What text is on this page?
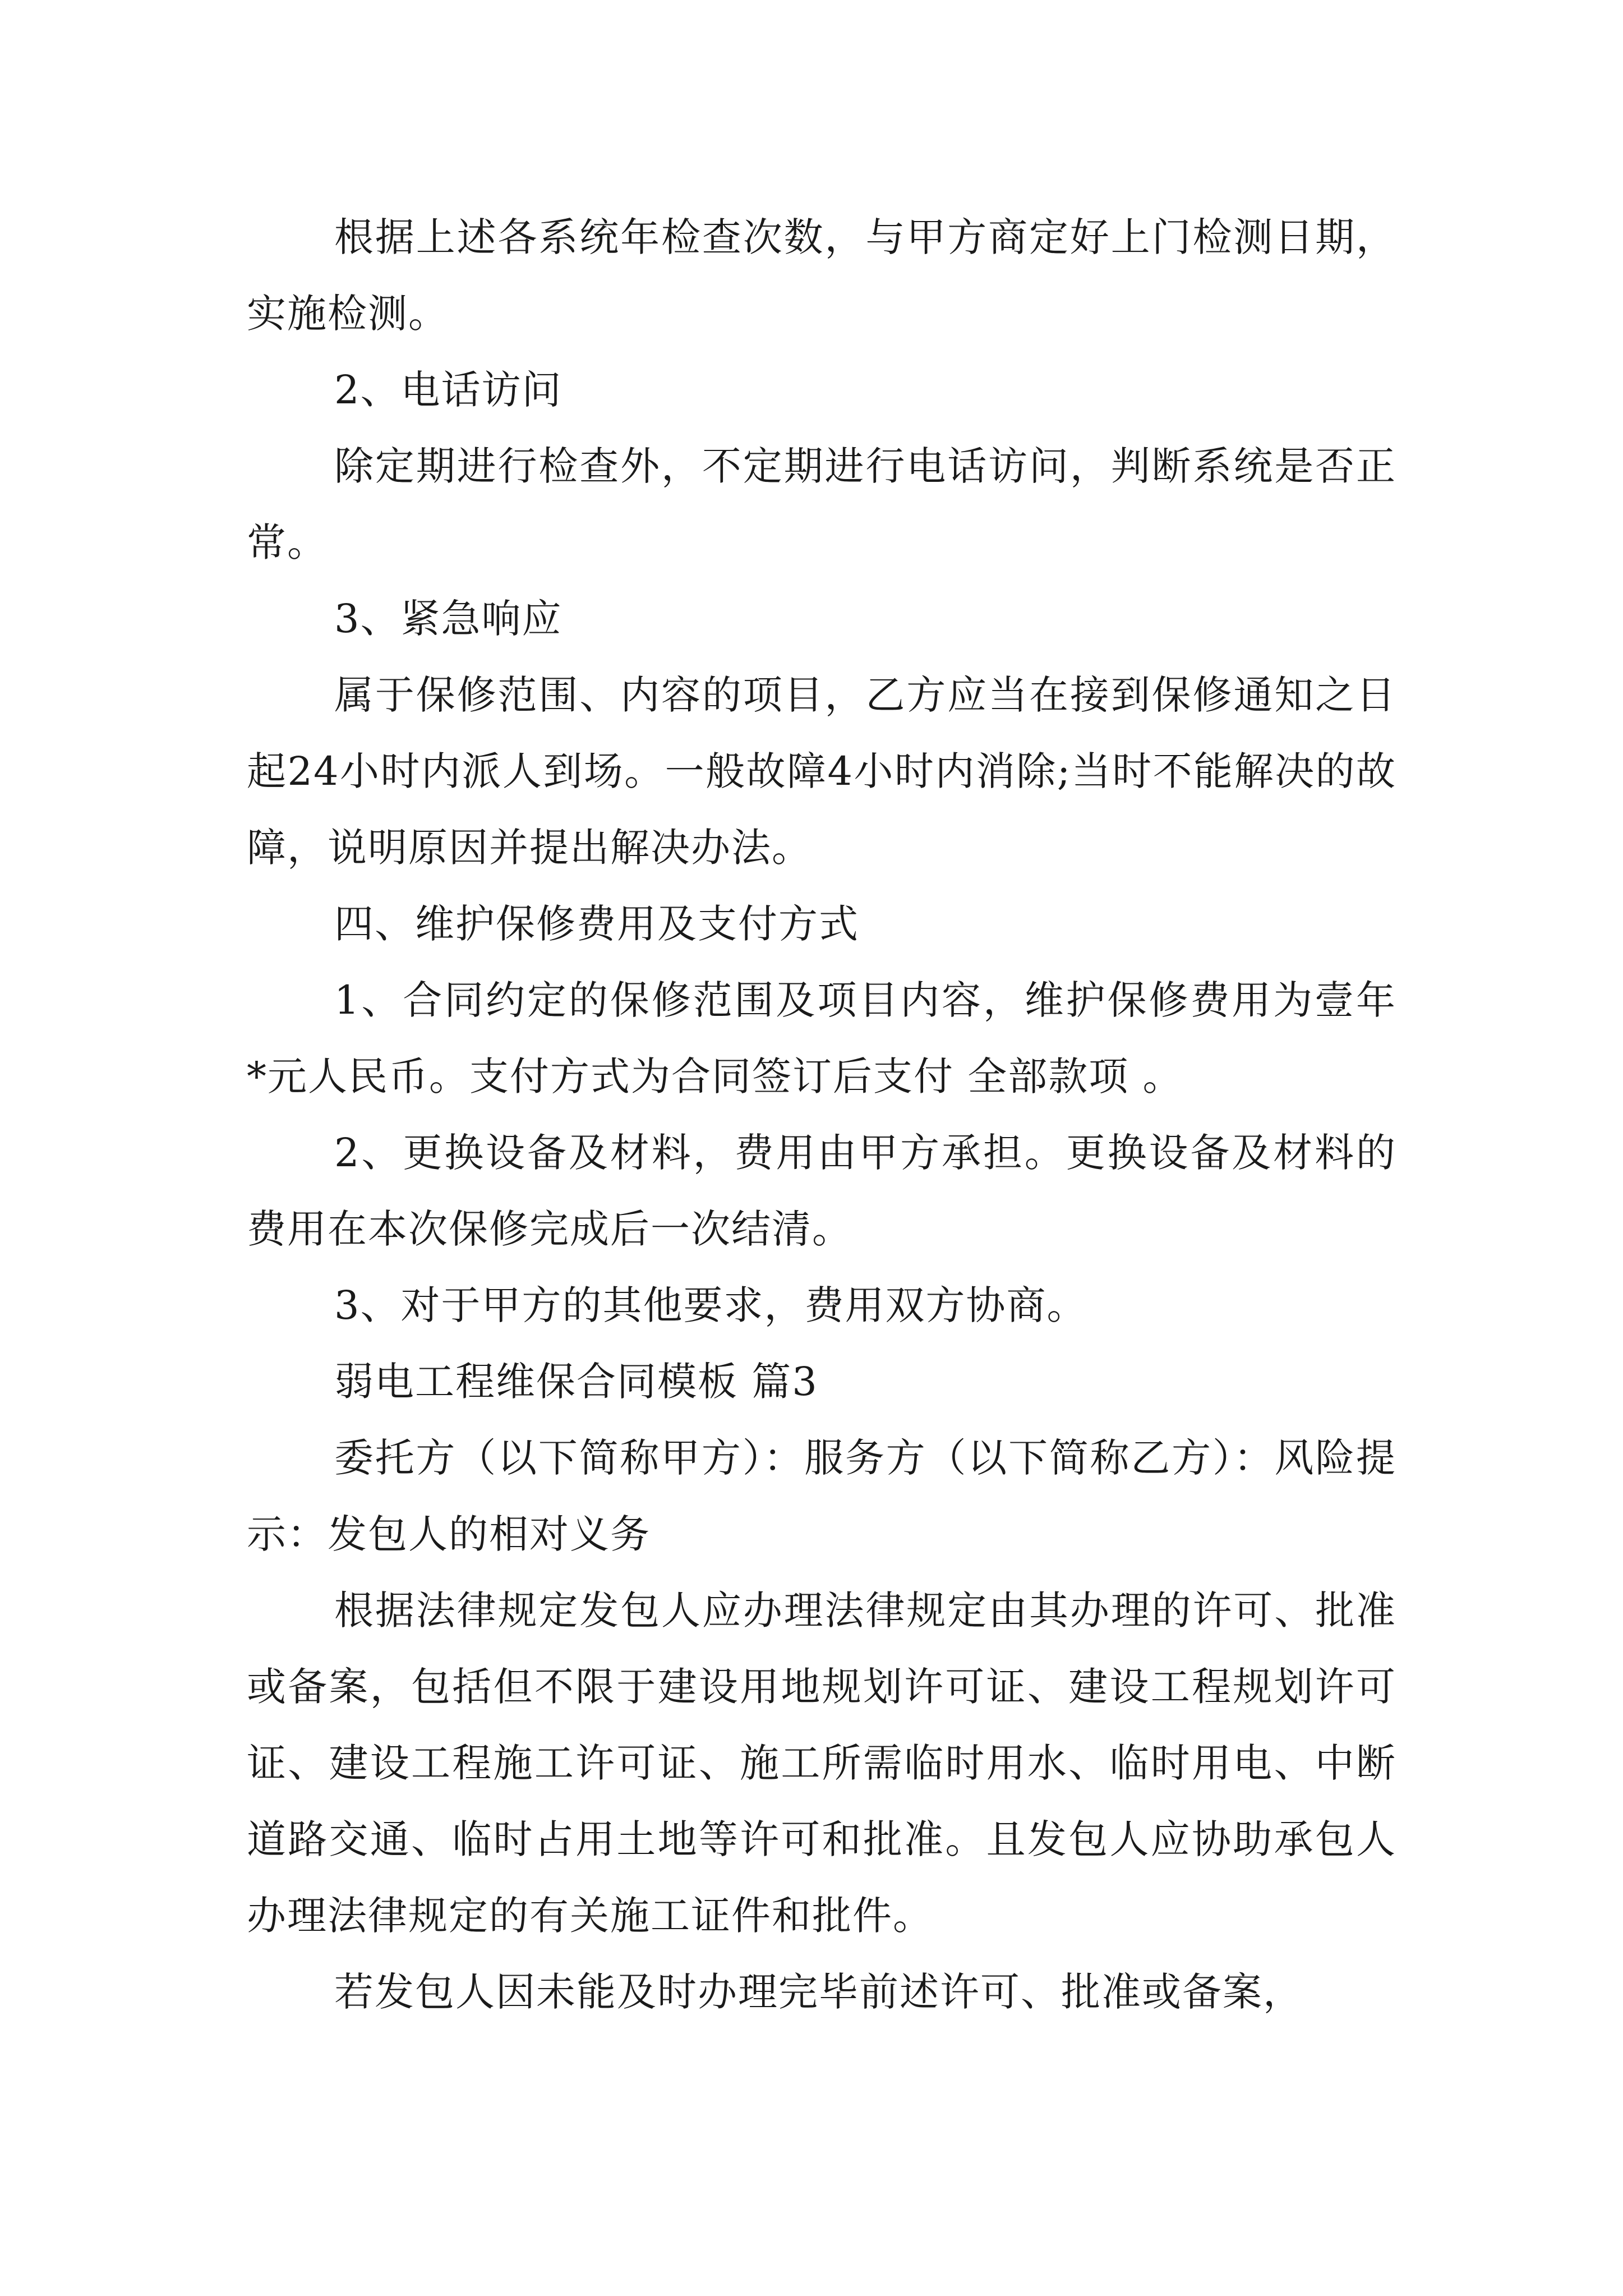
根据上述各系统年检查次数，与甲方商定好上门检测日期，实施检测。

2、电话访问

除定期进行检查外，不定期进行电话访问，判断系统是否正常。

3、紧急响应

属于保修范围、内容的项目，乙方应当在接到保修通知之日起24小时内派人到场。一般故障4小时内消除;当时不能解决的故障，说明原因并提出解决办法。

四、维护保修费用及支付方式

1、合同约定的保修范围及项目内容，维护保修费用为壹年 *元人民币。支付方式为合同签订后支付 全部款项 。

2、更换设备及材料，费用由甲方承担。更换设备及材料的费用在本次保修完成后一次结清。

3、对于甲方的其他要求，费用双方协商。

弱电工程维保合同模板 篇3

委托方（以下简称甲方）：服务方（以下简称乙方）：风险提示：发包人的相对义务

根据法律规定发包人应办理法律规定由其办理的许可、批准或备案，包括但不限于建设用地规划许可证、建设工程规划许可证、建设工程施工许可证、施工所需临时用水、临时用电、中断道路交通、临时占用土地等许可和批准。且发包人应协助承包人办理法律规定的有关施工证件和批件。

若发包人因未能及时办理完毕前述许可、批准或备案，
